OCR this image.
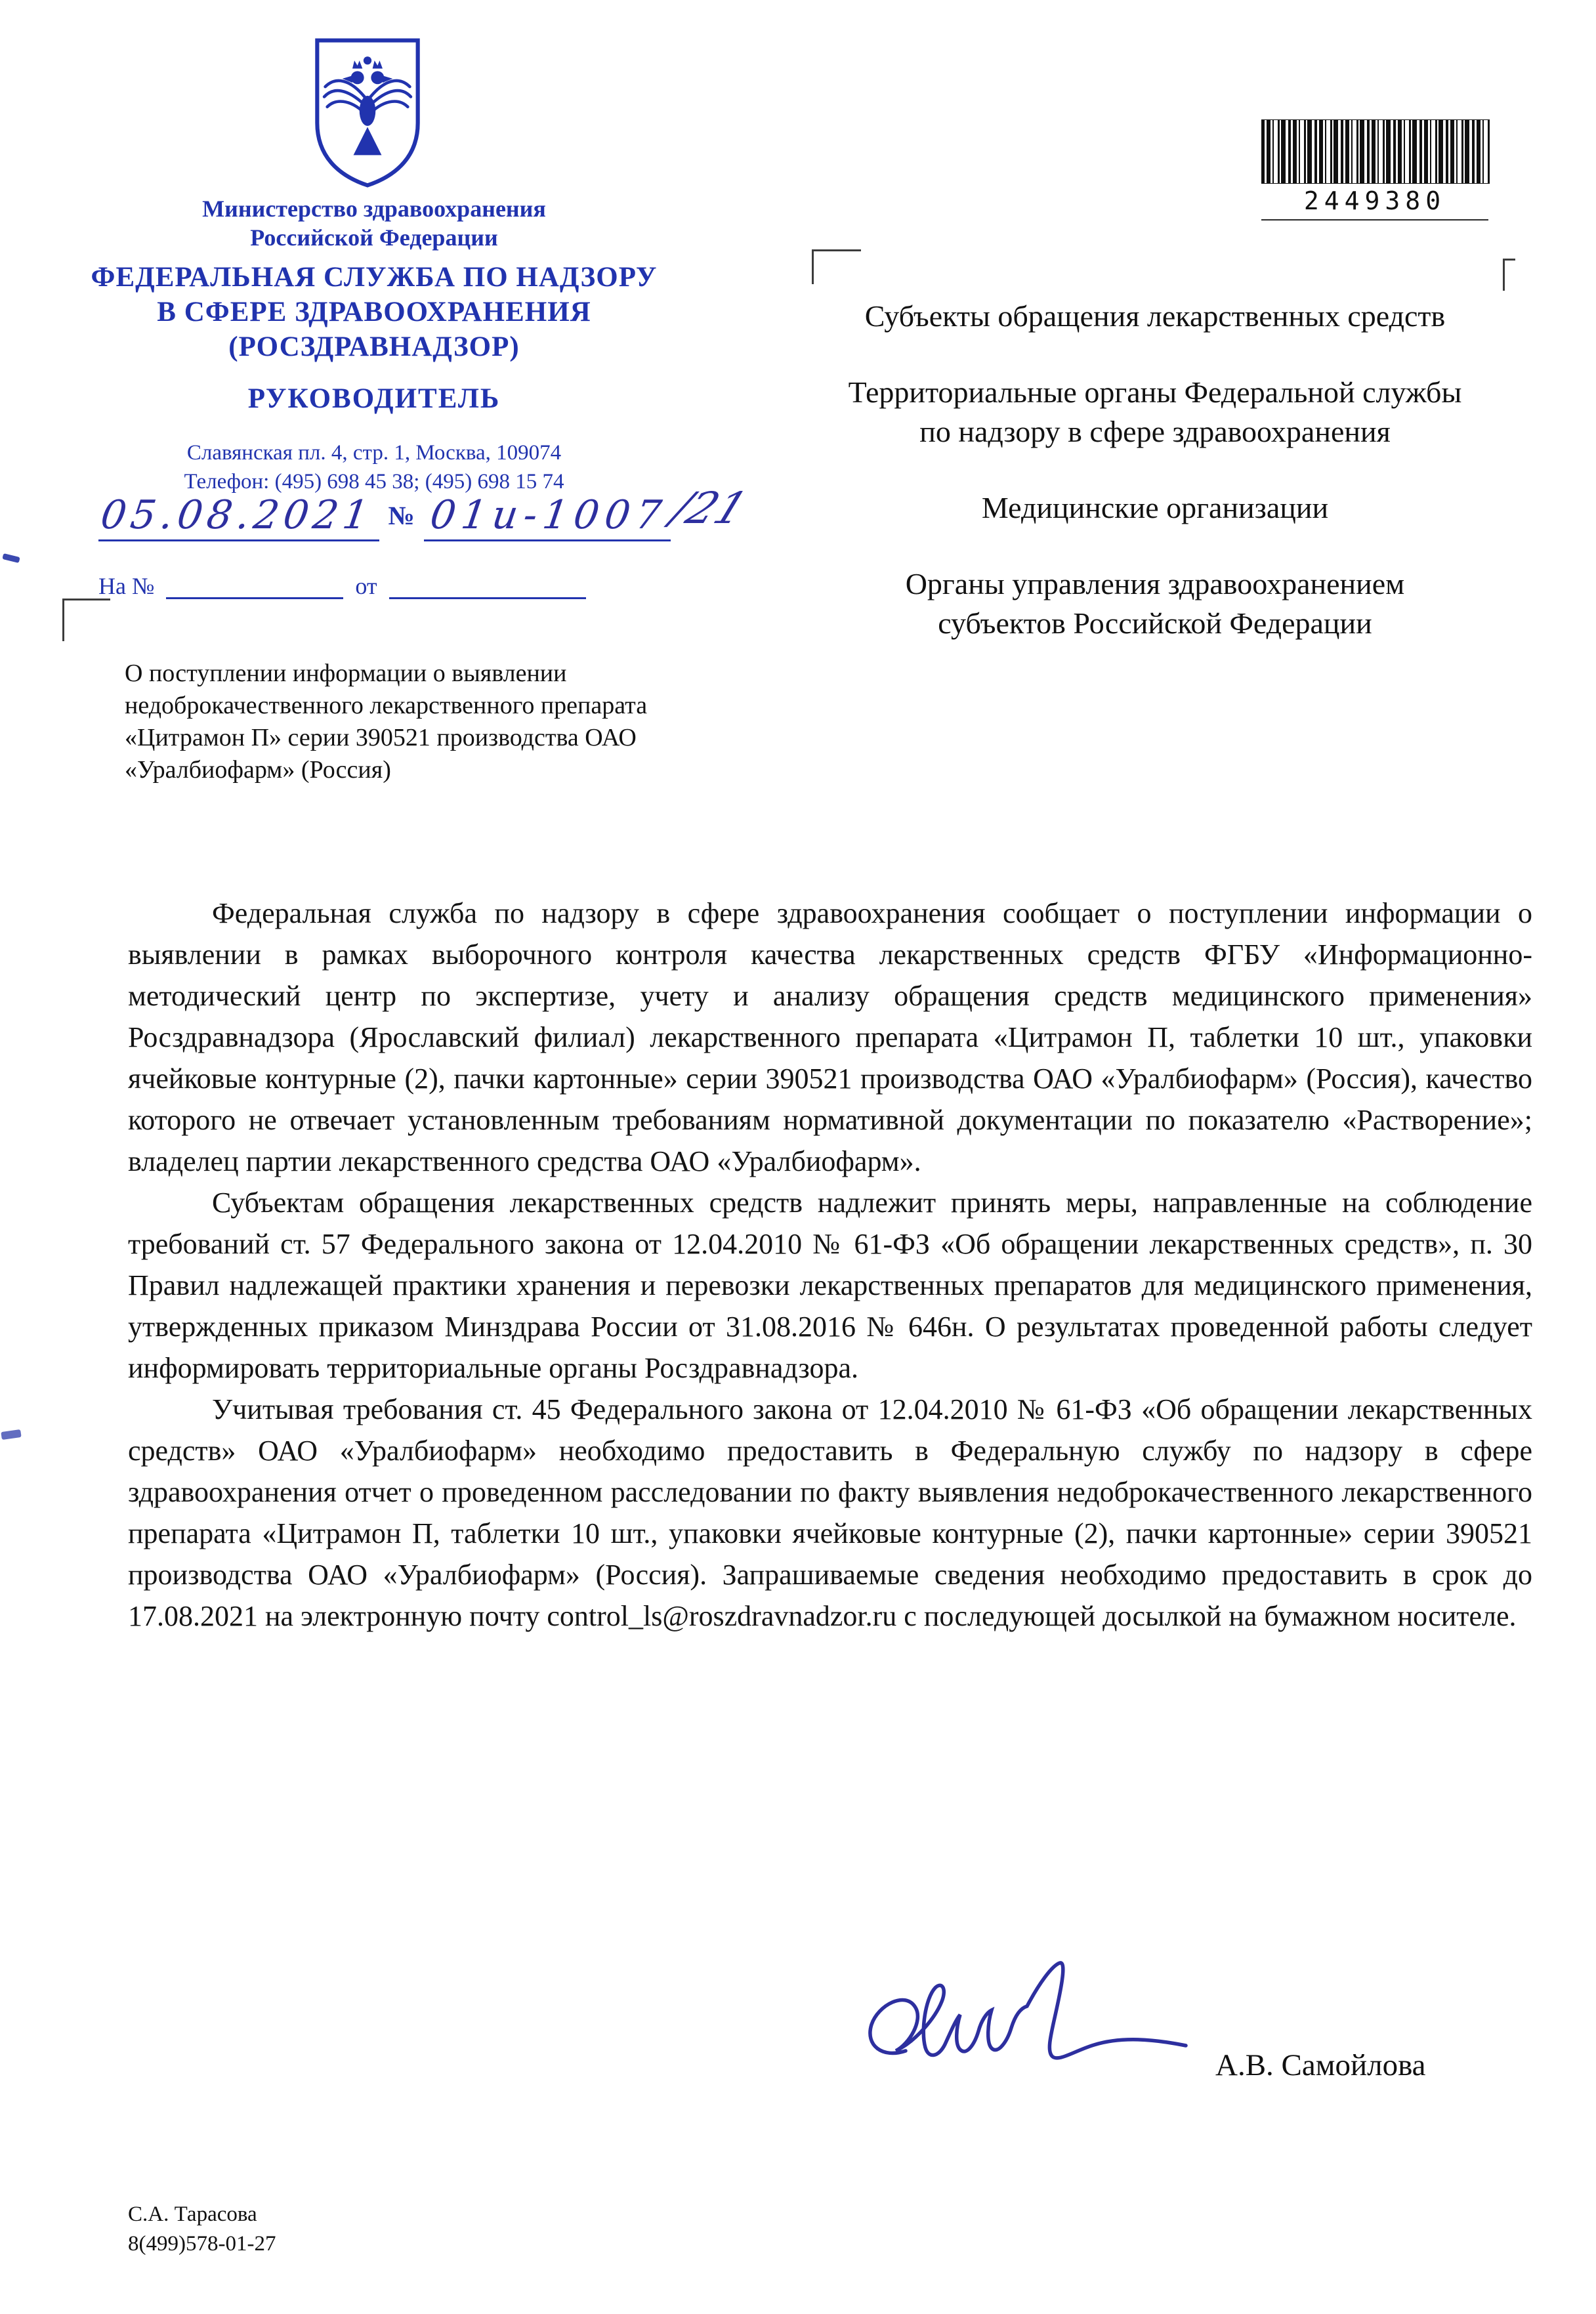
Министерство здравоохранения
Российской Федерации
ФЕДЕРАЛЬНАЯ СЛУЖБА ПО НАДЗОРУ
В СФЕРЕ ЗДРАВООХРАНЕНИЯ
(РОСЗДРАВНАДЗОР)
РУКОВОДИТЕЛЬ
Славянская пл. 4, стр. 1, Москва, 109074
Телефон: (495) 698 45 38; (495) 698 15 74
05.08.2021 № 01и-1007/21
На №	от
2449380
Субъекты обращения лекарственных средств
Территориальные органы Федеральной службы по надзору в сфере здравоохранения
Медицинские организации
Органы управления здравоохранением субъектов Российской Федерации
О поступлении информации о выявлении недоброкачественного лекарственного препарата «Цитрамон П» серии 390521 производства ОАО «Уралбиофарм» (Россия)

Федеральная служба по надзору в сфере здравоохранения сообщает о поступлении информации о выявлении в рамках выборочного контроля качества лекарственных средств ФГБУ «Информационно-методический центр по экспертизе, учету и анализу обращения средств медицинского применения» Росздравнадзора (Ярославский филиал) лекарственного препарата «Цитрамон П, таблетки 10 шт., упаковки ячейковые контурные (2), пачки картонные» серии 390521 производства ОАО «Уралбиофарм» (Россия), качество которого не отвечает установленным требованиям нормативной документации по показателю «Растворение»; владелец партии лекарственного средства ОАО «Уралбиофарм».

Субъектам обращения лекарственных средств надлежит принять меры, направленные на соблюдение требований ст. 57 Федерального закона от 12.04.2010 № 61-ФЗ «Об обращении лекарственных средств», п. 30 Правил надлежащей практики хранения и перевозки лекарственных препаратов для медицинского применения, утвержденных приказом Минздрава России от 31.08.2016 № 646н. О результатах проведенной работы следует информировать территориальные органы Росздравнадзора.

Учитывая требования ст. 45 Федерального закона от 12.04.2010 № 61-ФЗ «Об обращении лекарственных средств» ОАО «Уралбиофарм» необходимо предоставить в Федеральную службу по надзору в сфере здравоохранения отчет о проведенном расследовании по факту выявления недоброкачественного лекарственного препарата «Цитрамон П, таблетки 10 шт., упаковки ячейковые контурные (2), пачки картонные» серии 390521 производства ОАО «Уралбиофарм» (Россия). Запрашиваемые сведения необходимо предоставить в срок до 17.08.2021 на электронную почту control_ls@roszdravnadzor.ru с последующей досылкой на бумажном носителе.

А.В. Самойлова
С.А. Тарасова
8(499)578-01-27
